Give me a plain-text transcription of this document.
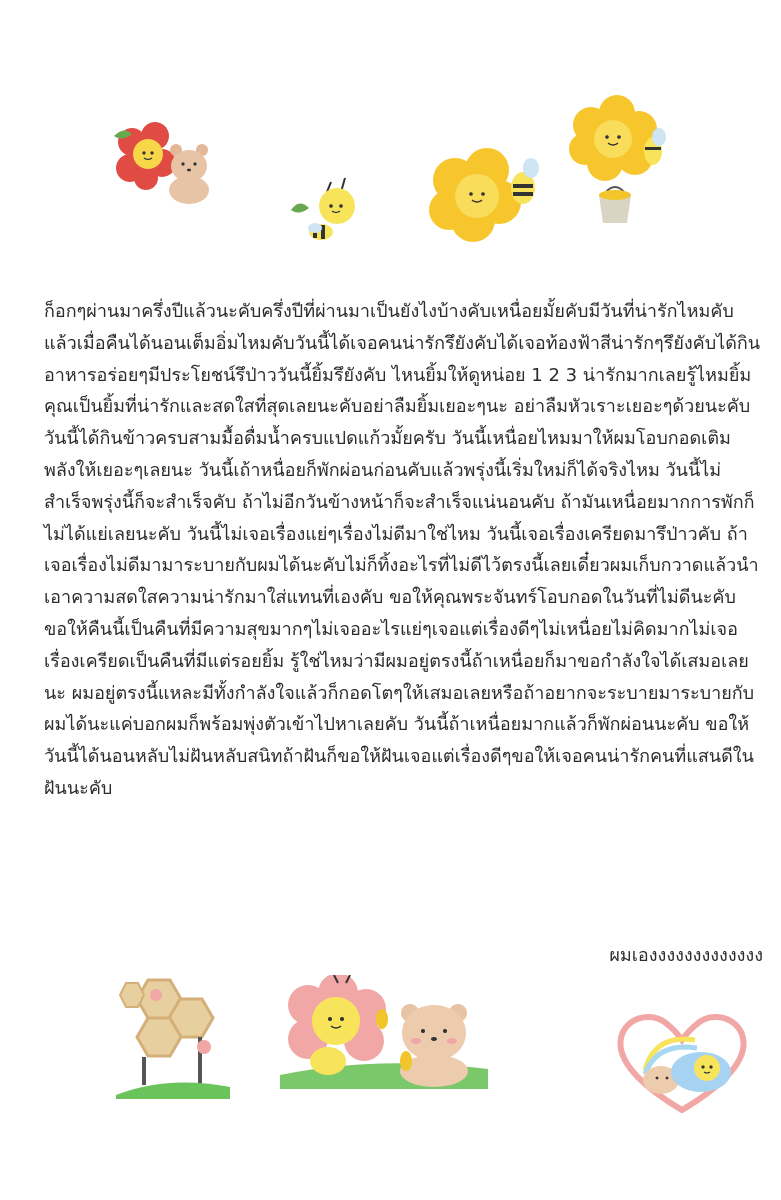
ก็อกๆผ่านมาครึ่งปีแล้วนะคับครึ่งปีที่ผ่านมาเป็นยังไงบ้างคับเหนื่อยมั้ยคับมีวันที่น่ารักไหมคับ
แล้วเมื่อคืนได้นอนเต็มอิ่มไหมคับวันนี้ได้เจอคนน่ารักรึยังคับได้เจอท้องฟ้าสีน่ารักๆรึยังคับได้กิน
อาหารอร่อยๆมีประโยชน์รึป่าววันนี้ยิ้มรึยังคับ ไหนยิ้มให้ดูหน่อย 1 2 3 น่ารักมากเลยรู้ไหมยิ้ม
คุณเป็นยิ้มที่น่ารักและสดใสที่สุดเลยนะคับอย่าลืมยิ้มเยอะๆนะ อย่าลืมหัวเราะเยอะๆด้วยนะคับ
วันนี้ได้กินข้าวครบสามมื้อดื่มน้ำครบแปดแก้วมั้ยครับ วันนี้เหนื่อยไหมมาให้ผมโอบกอดเติม
พลังให้เยอะๆเลยนะ วันนี้เถ้าหนื่อยก็พักผ่อนก่อนคับแล้วพรุ่งนี้เริ่มใหม่ก็ได้จริงไหม วันนี้ไม่
สำเร็จพรุ่งนี้ก็จะสำเร็จคับ ถ้าไม่อีกวันข้างหน้าก็จะสำเร็จแน่นอนคับ ถ้ามันเหนื่อยมากการพักก็
ไม่ได้แย่เลยนะคับ วันนี้ไม่เจอเรื่องแย่ๆเรื่องไม่ดีมาใช่ไหม วันนี้เจอเรื่องเครียดมารึป่าวคับ ถ้า
เจอเรื่องไม่ดีมามาระบายกับผมได้นะคับไม่ก็ทิ้งอะไรที่ไม่ดีไว้ตรงนี้เลยเดี๋ยวผมเก็บกวาดแล้วนำ
เอาความสดใสความน่ารักมาใส่แทนที่เองคับ ขอให้คุณพระจันทร์โอบกอดในวันที่ไม่ดีนะคับ
ขอให้คืนนี้เป็นคืนที่มีความสุขมากๆไม่เจออะไรแย่ๆเจอแต่เรื่องดีๆไม่เหนื่อยไม่คิดมากไม่เจอ
เรื่องเครียดเป็นคืนที่มีแต่รอยยิ้ม รู้ใช่ไหมว่ามีผมอยู่ตรงนี้ถ้าเหนื่อยก็มาขอกำลังใจได้เสมอเลย
นะ ผมอยู่ตรงนี้แหละมีทั้งกำลังใจแล้วก็กอดโตๆให้เสมอเลยหรือถ้าอยากจะระบายมาระบายกับ
ผมได้นะแค่บอกผมก็พร้อมพุ่งตัวเข้าไปหาเลยคับ วันนี้ถ้าเหนื่อยมากแล้วก็พักผ่อนนะคับ ขอให้
วันนี้ได้นอนหลับไม่ฝันหลับสนิทถ้าฝันก็ขอให้ฝันเจอแต่เรื่องดีๆขอให้เจอคนน่ารักคนที่แสนดีใน
ฝันนะคับ
ผมเองงงงงงงงงงงงง
